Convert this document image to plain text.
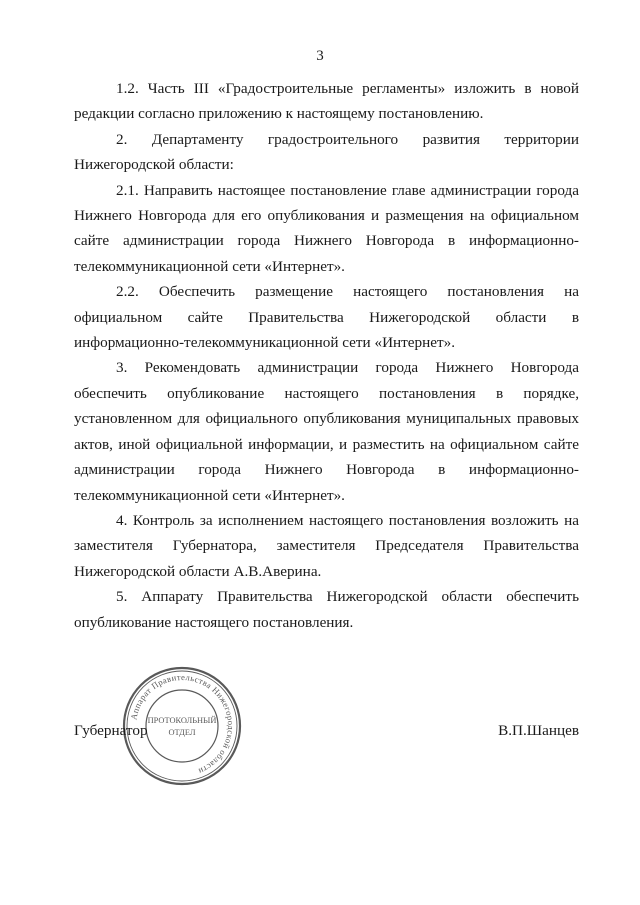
3

1.2. Часть III «Градостроительные регламенты» изложить в новой редакции согласно приложению к настоящему постановлению.

2. Департаменту градостроительного развития территории Нижегородской области:

2.1. Направить настоящее постановление главе администрации города Нижнего Новгорода для его опубликования и размещения на официальном сайте администрации города Нижнего Новгорода в информационно-телекоммуникационной сети «Интернет».

2.2. Обеспечить размещение настоящего постановления на официальном сайте Правительства Нижегородской области в информационно-телекоммуникационной сети «Интернет».

3. Рекомендовать администрации города Нижнего Новгорода обеспечить опубликование настоящего постановления в порядке, установленном для официального опубликования муниципальных правовых актов, иной официальной информации, и разместить на официальном сайте администрации города Нижнего Новгорода в информационно-телекоммуникационной сети «Интернет».

4. Контроль за исполнением настоящего постановления возложить на заместителя Губернатора, заместителя Председателя Правительства Нижегородской области А.В.Аверина.

5. Аппарату Правительства Нижегородской области обеспечить опубликование настоящего постановления.

Аппарат Правительства Нижегородской области
ПРОТОКОЛЬНЫЙ
ОТДЕЛ
Губернатор	В.П.Шанцев
